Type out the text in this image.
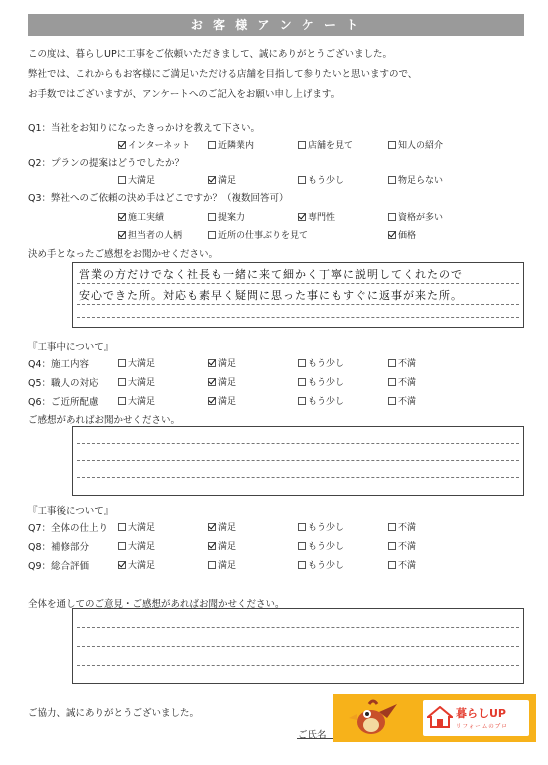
お 客 様 ア ン ケ ー ト
この度は、暮らしUPに工事をご依頼いただきまして、誠にありがとうございました。
弊社では、これからもお客様にご満足いただける店舗を目指して参りたいと思いますので、
お手数ではございますが、アンケートへのご記入をお願い申し上げます。
Q1：当社をお知りになったきっかけを教えて下さい。
インターネット	近隣業内	店舗を見て	知人の紹介
Q2：プランの提案はどうでしたか？
大満足	満足	もう少し	物足らない
Q3：弊社へのご依頼の決め手はどこですか？（複数回答可）
施工実績	提案力	専門性	資格が多い
担当者の人柄	近所の仕事ぶりを見て	価格
決め手となったご感想をお聞かせください。
営業の方だけでなく社長も一緒に来て細かく丁寧に説明してくれたので
安心できた所。対応も素早く疑問に思った事にもすぐに返事が来た所。
『工事中について』
Q4：施工内容	大満足	満足	もう少し	不満
Q5：職人の対応	大満足	満足	もう少し	不満
Q6：ご近所配慮	大満足	満足	もう少し	不満
ご感想があればお聞かせください。
『工事後について』
Q7：全体の仕上り	大満足	満足	もう少し	不満
Q8：補修部分	大満足	満足	もう少し	不満
Q9：総合評価	大満足	満足	もう少し	不満
全体を通してのご意見・ご感想があればお聞かせください。
ご協力、誠にありがとうございました。
ご氏名
暮らしUP
リフォームのプロ
